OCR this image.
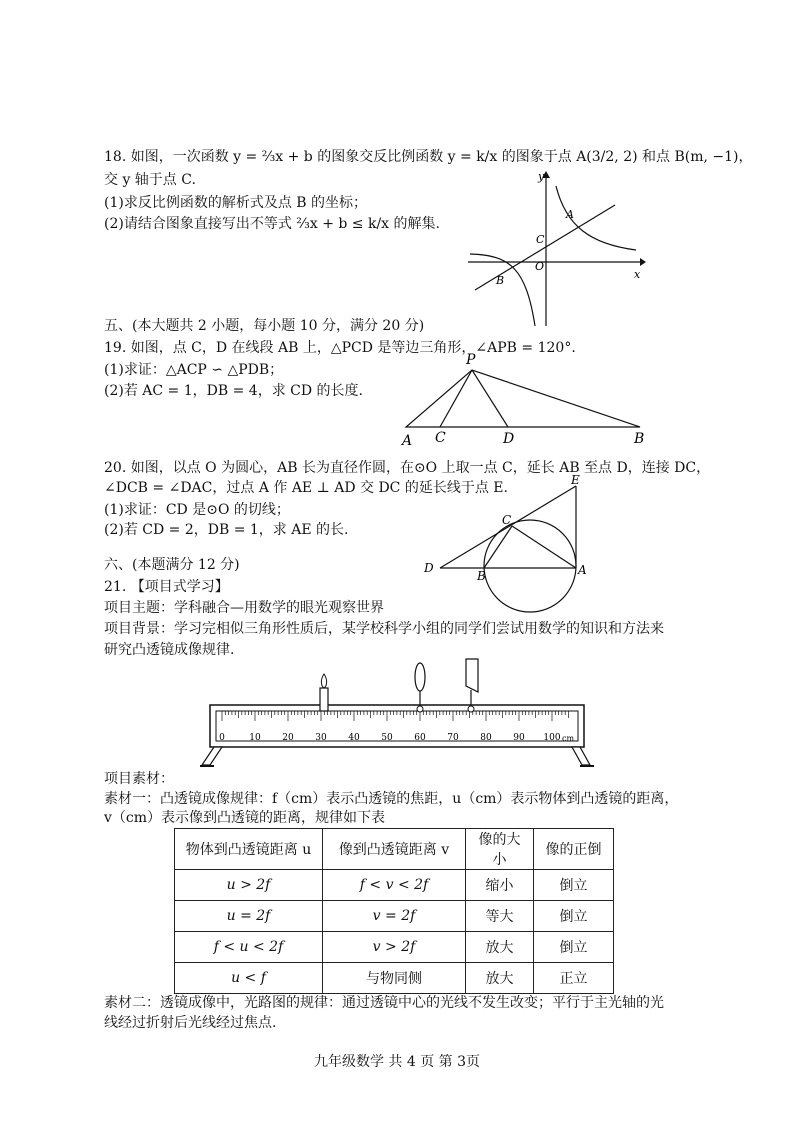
18. 如图，一次函数 y = ⅔x + b 的图象交反比例函数 y = k/x 的图象于点 A(3/2, 2) 和点 B(m, −1)，
交 y 轴于点 C.
(1)求反比例函数的解析式及点 B 的坐标；
(2)请结合图象直接写出不等式 ⅔x + b ≤ k/x 的解集.
y
x
A
C
O
B
五、(本大题共 2 小题，每小题 10 分，满分 20 分)
19. 如图，点 C，D 在线段 AB 上，△PCD 是等边三角形，∠APB = 120°.
(1)求证：△ACP ∽ △PDB；
(2)若 AC = 1，DB = 4，求 CD 的长度.
P
A C	D	B
20. 如图，以点 O 为圆心，AB 长为直径作圆，在⊙O 上取一点 C，延长 AB 至点 D，连接 DC，
∠DCB = ∠DAC，过点 A 作 AE ⊥ AD 交 DC 的延长线于点 E.
(1)求证：CD 是⊙O 的切线；
(2)若 CD = 2，DB = 1，求 AE 的长.
E
C
D
B	A
六、(本题满分 12 分)
21. 【项目式学习】
项目主题：学科融合—用数学的眼光观察世界
项目背景：学习完相似三角形性质后，某学校科学小组的同学们尝试用数学的知识和方法来
研究凸透镜成像规律.
0	10 20 30 40 50 60 70 80 90 100 cm
项目素材：
素材一：凸透镜成像规律：f（cm）表示凸透镜的焦距，u（cm）表示物体到凸透镜的距离，
v（cm）表示像到凸透镜的距离，规律如下表
物体到凸透镜距离 u	像到凸透镜距离 v	像的大小	像的正倒
u > 2f	f < v < 2f	缩小	倒立
u = 2f	v = 2f	等大	倒立
f < u < 2f	v > 2f	放大	倒立
u < f	与物同侧	放大	正立
素材二：透镜成像中，光路图的规律：通过透镜中心的光线不发生改变；平行于主光轴的光
线经过折射后光线经过焦点.
九年级数学 共 4 页 第 3页
